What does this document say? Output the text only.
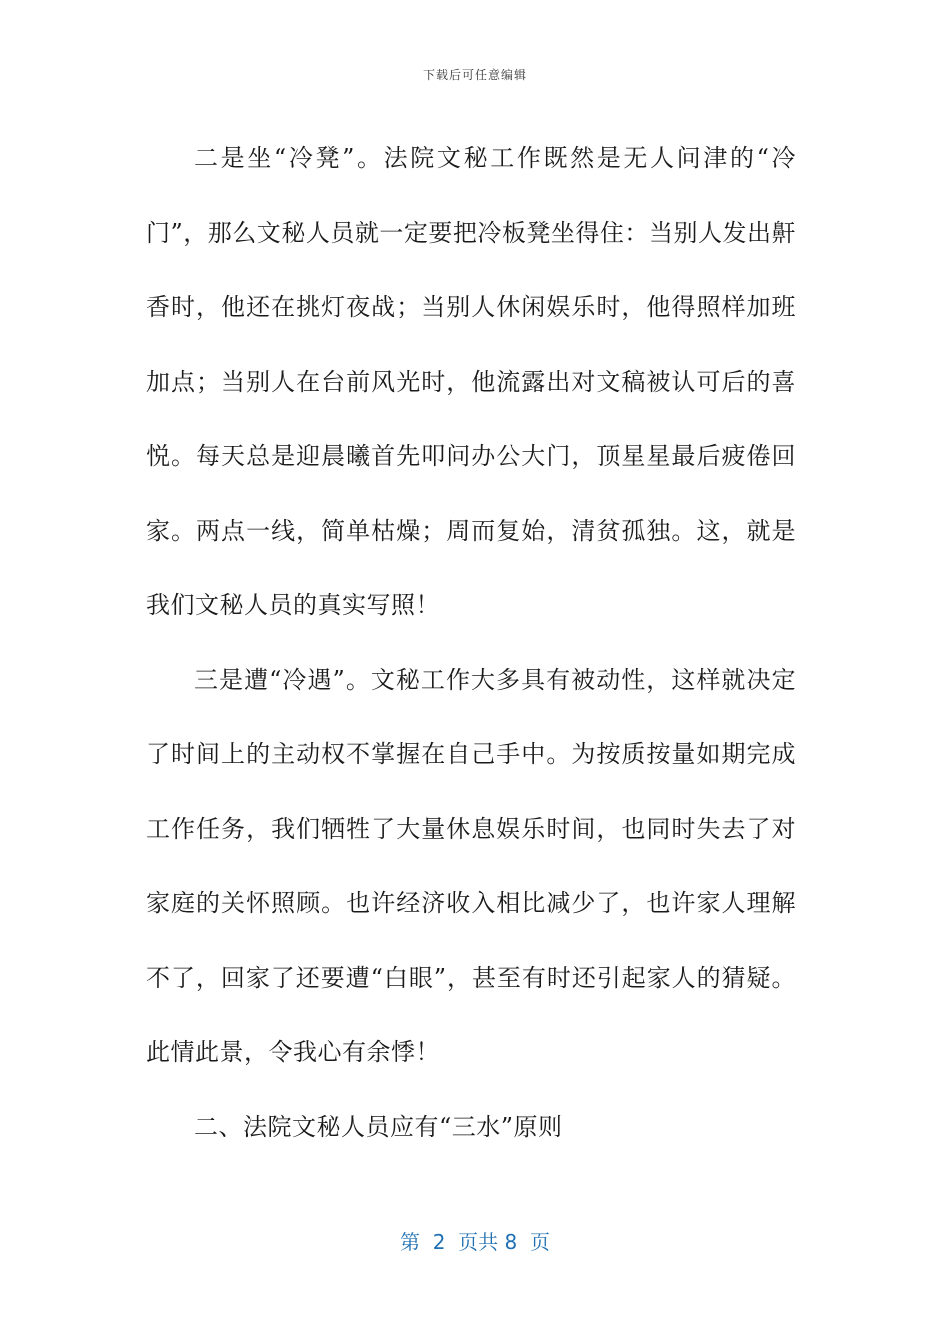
下载后可任意编辑

二是坐“冷凳”。法院文秘工作既然是无人问津的“冷门”，那么文秘人员就一定要把冷板凳坐得住：当别人发出鼾香时，他还在挑灯夜战；当别人休闲娱乐时，他得照样加班加点；当别人在台前风光时，他流露出对文稿被认可后的喜悦。每天总是迎晨曦首先叩问办公大门，顶星星最后疲倦回家。两点一线，简单枯燥；周而复始，清贫孤独。这，就是我们文秘人员的真实写照！

三是遭“冷遇”。文秘工作大多具有被动性，这样就决定了时间上的主动权不掌握在自己手中。为按质按量如期完成工作任务，我们牺牲了大量休息娱乐时间，也同时失去了对家庭的关怀照顾。也许经济收入相比减少了，也许家人理解不了，回家了还要遭“白眼”，甚至有时还引起家人的猜疑。此情此景，令我心有余悸！

二、法院文秘人员应有“三水”原则

第  2  页共 8  页
